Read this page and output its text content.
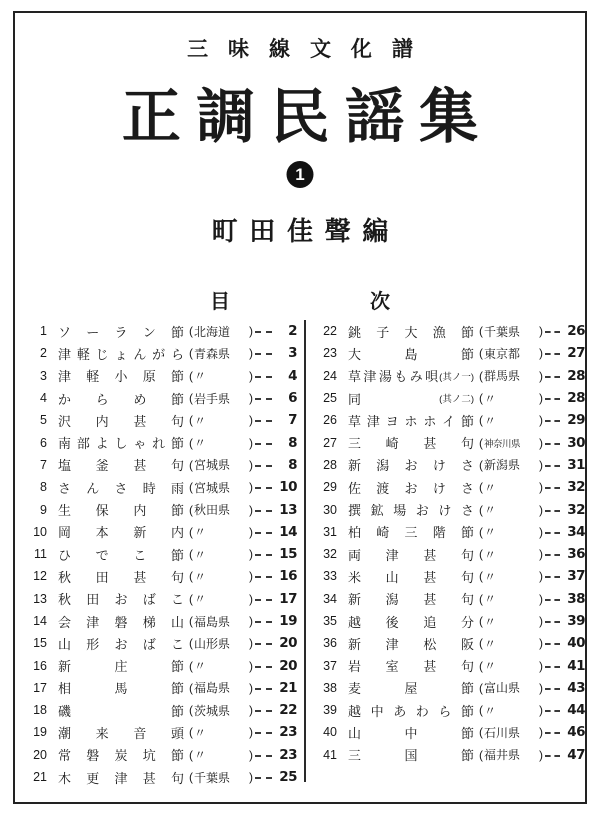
三味線文化譜
正調民謡集
1
町田佳聲編
目	次
1 ソーラン節 ( 北海道	)	2
2 津軽じょんがら ( 青森県	)	3
3 津軽小原節 ( 〃	)	4
4 からめ節 ( 岩手県	)	6
5 沢内甚句 ( 〃	)	7
6 南部よしゃれ節 ( 〃	)	8
7 塩釜甚句 ( 宮城県	)	8
8 さんさ時雨 ( 宮城県	)	10
9 生保内節 ( 秋田県	)	13
10 岡本新内 ( 〃	)	14
11 ひでこ節 ( 〃	)	15
12 秋田甚句 ( 〃	)	16
13 秋田おばこ ( 〃	)	17
14 会津磐梯山 ( 福島県	)	19
15 山形おばこ ( 山形県	)	20
16 新庄節 ( 〃	)	20
17 相馬節 ( 福島県	)	21
18 磯節 ( 茨城県	)	22
19 潮来音頭 ( 〃	)	23
20 常磐炭坑節 ( 〃	)	23
21 木更津甚句 ( 千葉県	)	25
22 銚子大漁節 ( 千葉県	)	26
23 大島節 ( 東京都	)	27
24 草津湯もみ唄 (其ノ一) ( 群馬県	)	28
25 同	(其ノ二) ( 〃	)	28
26 草津ヨホホイ節 ( 〃	)	29
27 三崎甚句 ( 神奈川県	)	30
28 新潟おけさ ( 新潟県	)	31
29 佐渡おけさ ( 〃	)	32
30 撰鉱場おけさ ( 〃	)	32
31 柏崎三階節 ( 〃	)	34
32 両津甚句 ( 〃	)	36
33 米山甚句 ( 〃	)	37
34 新潟甚句 ( 〃	)	38
35 越後追分 ( 〃	)	39
36 新津松阪 ( 〃	)	40
37 岩室甚句 ( 〃	)	41
38 麦屋節 ( 富山県	)	43
39 越中あわら節 ( 〃	)	44
40 山中節 ( 石川県	)	46
41 三国節 ( 福井県	)	47
